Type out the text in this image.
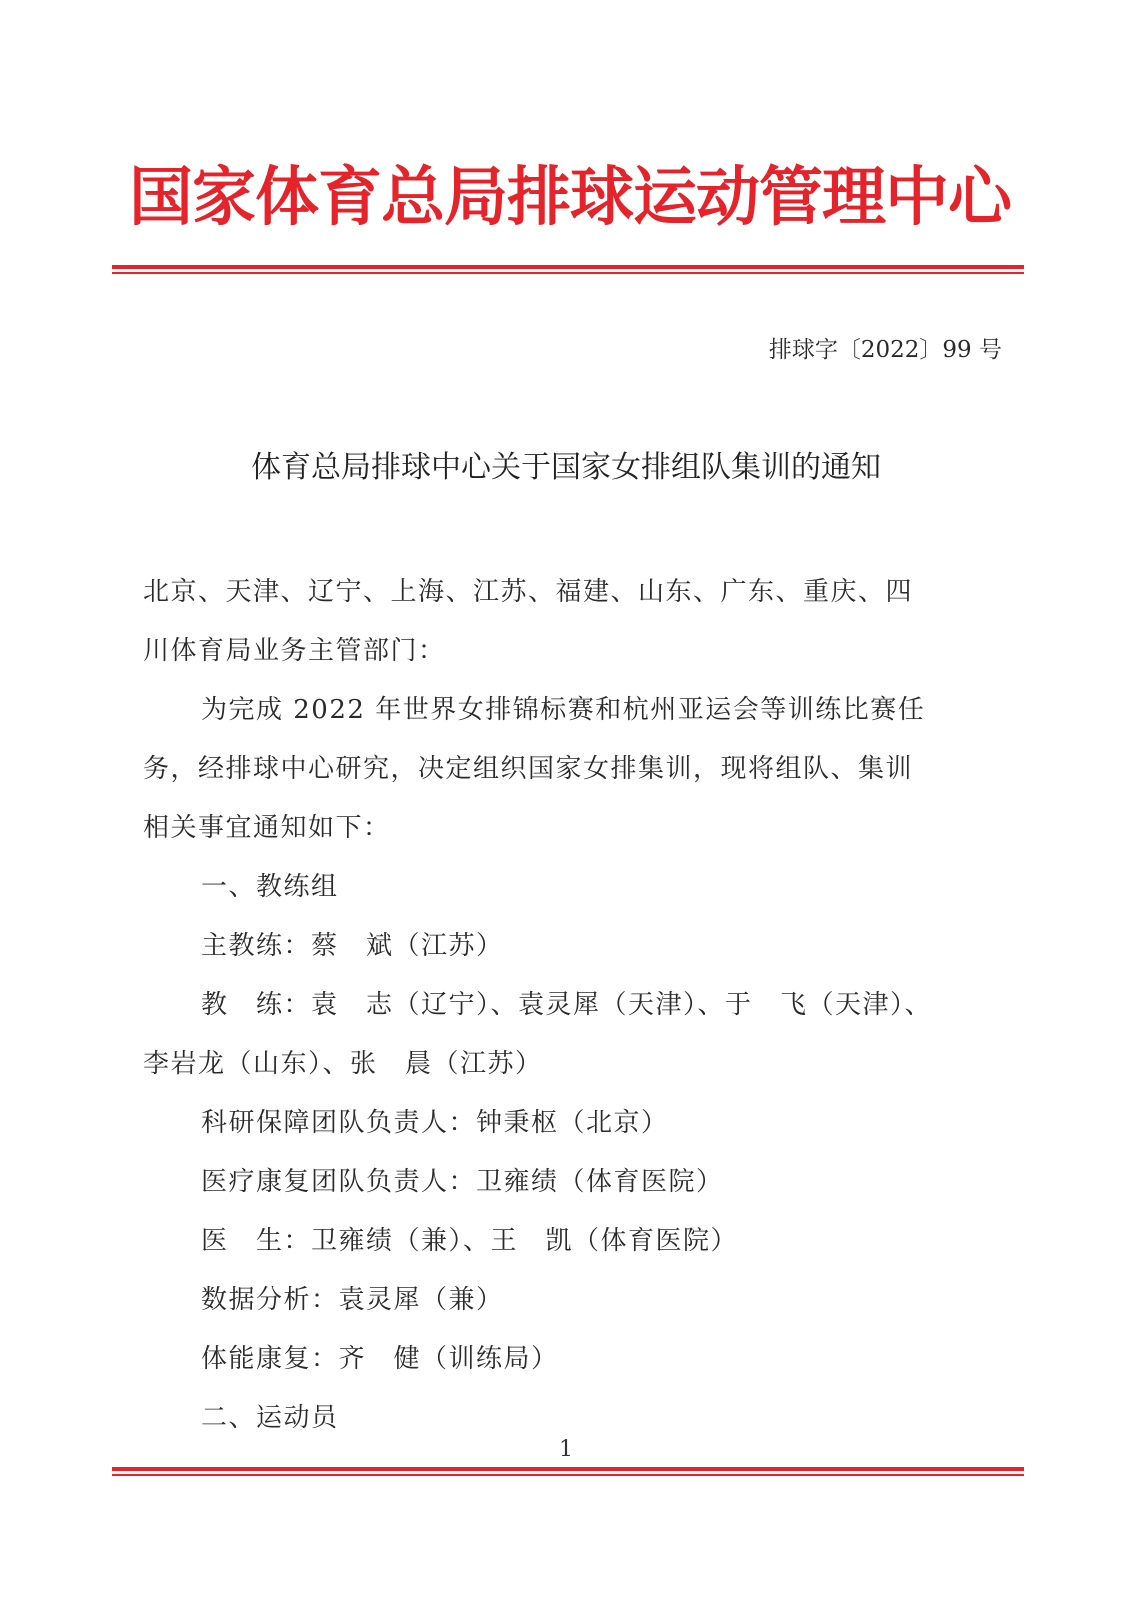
国家体育总局排球运动管理中心
排球字〔2022〕99 号
体育总局排球中心关于国家女排组队集训的通知

北京、天津、辽宁、上海、江苏、福建、山东、广东、重庆、四

川体育局业务主管部门：

为完成 2022 年世界女排锦标赛和杭州亚运会等训练比赛任

务，经排球中心研究，决定组织国家女排集训，现将组队、集训

相关事宜通知如下：

一、教练组

主教练：蔡　斌（江苏）

教　练：袁　志（辽宁）、袁灵犀（天津）、于　飞（天津）、

李岩龙（山东）、张　晨（江苏）

科研保障团队负责人：钟秉枢（北京）

医疗康复团队负责人：卫雍绩（体育医院）

医　生：卫雍绩（兼）、王　凯（体育医院）

数据分析：袁灵犀（兼）

体能康复：齐　健（训练局）

二、运动员

1
